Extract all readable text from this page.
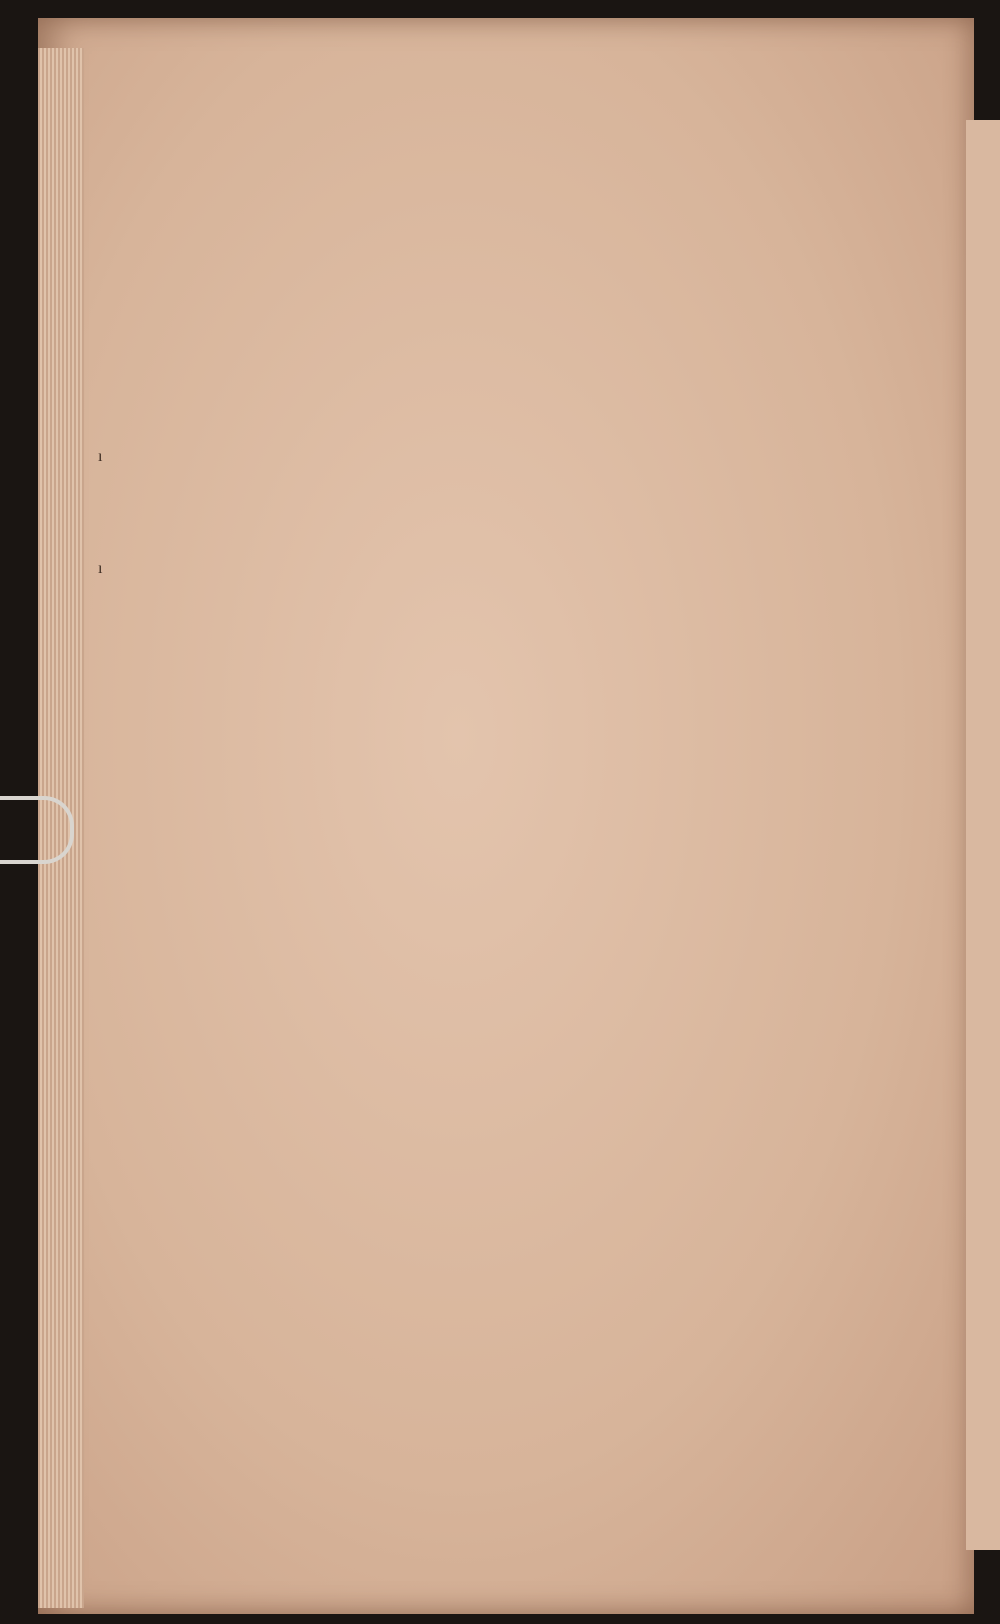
ı
ı
